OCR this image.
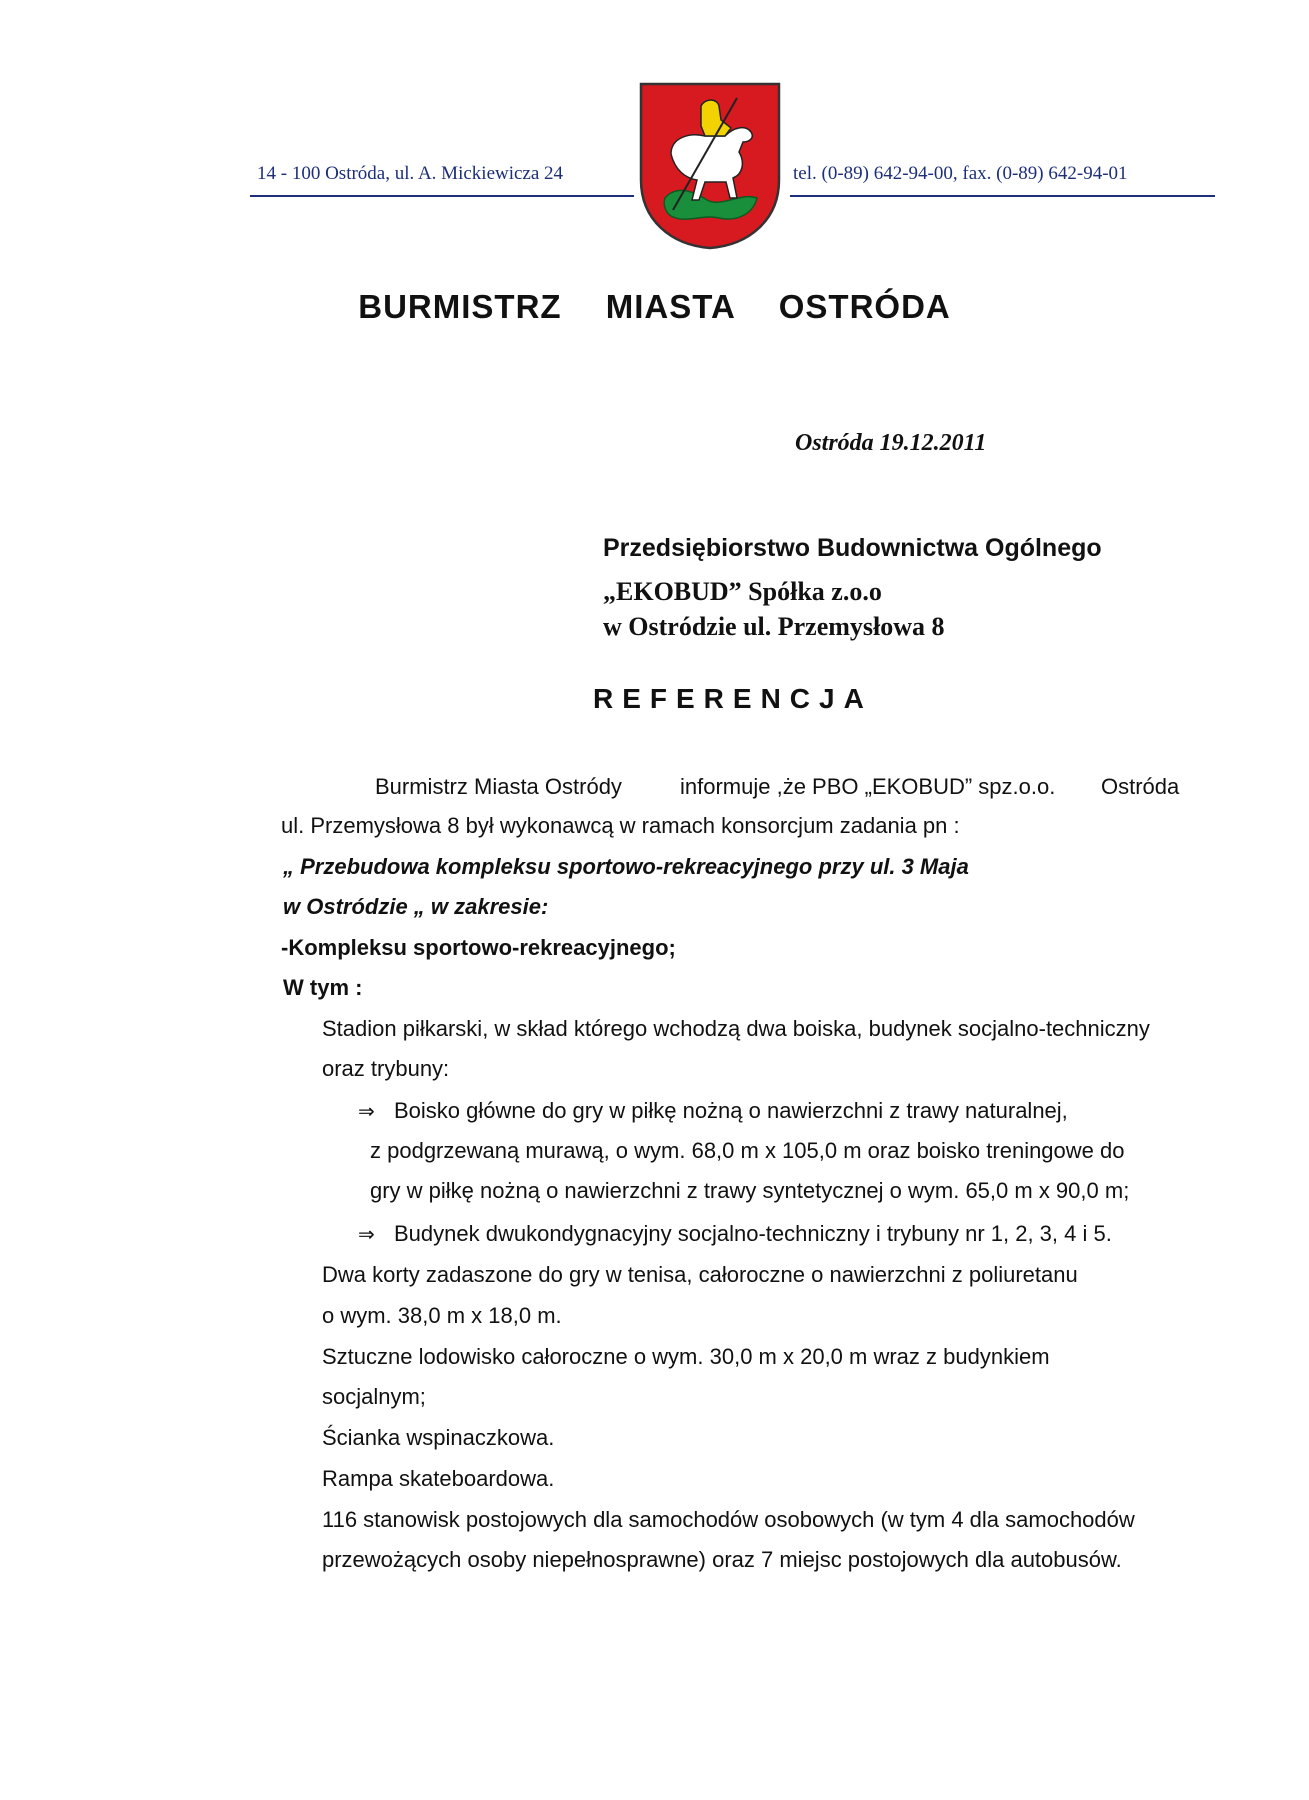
14 - 100 Ostróda, ul. A. Mickiewicza 24	tel. (0-89) 642-94-00, fax. (0-89) 642-94-01
BURMISTRZ MIASTA OSTRÓDA
Ostróda 19.12.2011
Przedsiębiorstwo Budownictwa Ogólnego
„EKOBUD” Spółka z.o.o
w Ostródzie ul. Przemysłowa 8
REFERENCJA
Burmistrz Miasta Ostródy	informuje ,że PBO „EKOBUD” spz.o.o. Ostróda
ul. Przemysłowa 8 był wykonawcą w ramach konsorcjum zadania pn :
„ Przebudowa kompleksu sportowo-rekreacyjnego przy ul. 3 Maja
w Ostródzie „ w zakresie:
-Kompleksu sportowo-rekreacyjnego;
W tym :
Stadion piłkarski, w skład którego wchodzą dwa boiska, budynek socjalno-techniczny
oraz trybuny:
⇒ Boisko główne do gry w piłkę nożną o nawierzchni z trawy naturalnej,
z podgrzewaną murawą, o wym. 68,0 m x 105,0 m oraz boisko treningowe do
gry w piłkę nożną o nawierzchni z trawy syntetycznej o wym. 65,0 m x 90,0 m;
⇒ Budynek dwukondygnacyjny socjalno-techniczny i trybuny nr 1, 2, 3, 4 i 5.
Dwa korty zadaszone do gry w tenisa, całoroczne o nawierzchni z poliuretanu
o wym. 38,0 m x 18,0 m.
Sztuczne lodowisko całoroczne o wym. 30,0 m x 20,0 m wraz z budynkiem
socjalnym;
Ścianka wspinaczkowa.
Rampa skateboardowa.
116 stanowisk postojowych dla samochodów osobowych (w tym 4 dla samochodów
przewożących osoby niepełnosprawne) oraz 7 miejsc postojowych dla autobusów.
